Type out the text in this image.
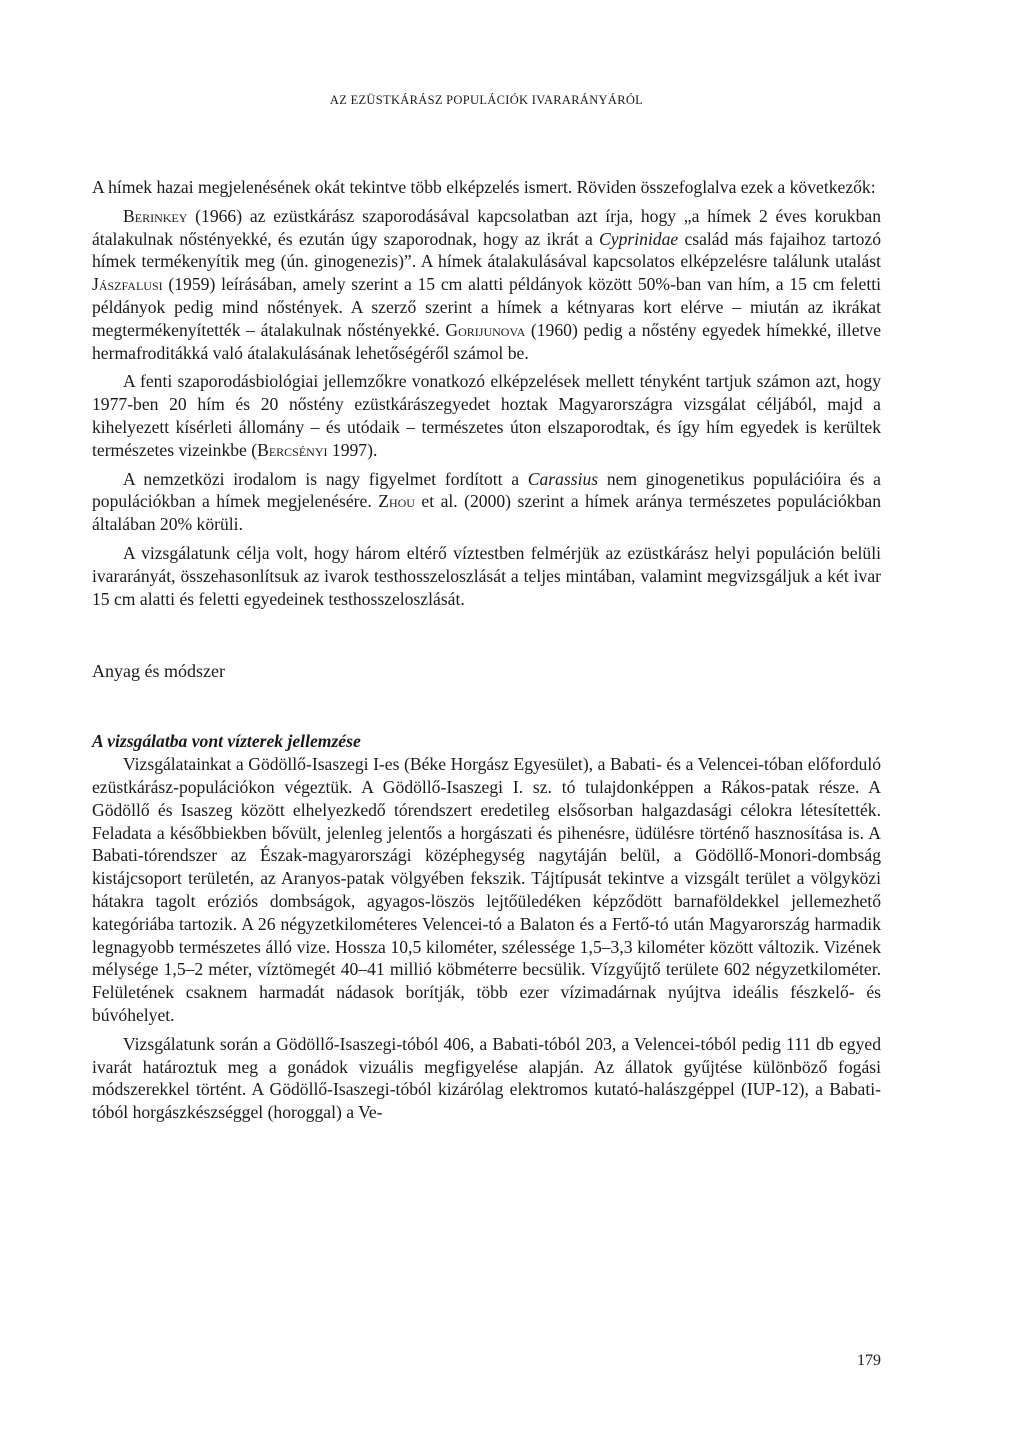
AZ EZÜSTKÁRÁSZ POPULÁCIÓK IVARARÁNYÁRÓL

A hímek hazai megjelenésének okát tekintve több elképzelés ismert. Röviden összefoglalva ezek a következők:

Berinkey (1966) az ezüstkárász szaporodásával kapcsolatban azt írja, hogy „a hímek 2 éves korukban átalakulnak nőstényekké, és ezután úgy szaporodnak, hogy az ikrát a Cyprinidae család más fajaihoz tartozó hímek termékenyítik meg (ún. ginogenezis)”. A hímek átalakulásával kapcsolatos elképzelésre találunk utalást Jászfalusi (1959) leírásában, amely szerint a 15 cm alatti példányok között 50%-ban van hím, a 15 cm feletti példányok pedig mind nőstények. A szerző szerint a hímek a kétnyaras kort elérve – miután az ikrákat megtermékenyítették – átalakulnak nőstényekké. Gorijunova (1960) pedig a nőstény egyedek hímekké, illetve hermafroditákká való átalakulásának lehetőségéről számol be.

A fenti szaporodásbiológiai jellemzőkre vonatkozó elképzelések mellett tényként tartjuk számon azt, hogy 1977-ben 20 hím és 20 nőstény ezüstkárászegyedet hoztak Magyarországra vizsgálat céljából, majd a kihelyezett kísérleti állomány – és utódaik – természetes úton elszaporodtak, és így hím egyedek is kerültek természetes vizeinkbe (Bercsényi 1997).

A nemzetközi irodalom is nagy figyelmet fordított a Carassius nem ginogenetikus populációira és a populációkban a hímek megjelenésére. Zhou et al. (2000) szerint a hímek aránya természetes populációkban általában 20% körüli.

A vizsgálatunk célja volt, hogy három eltérő víztestben felmérjük az ezüstkárász helyi populáción belüli ivararányát, összehasonlítsuk az ivarok testhosszeloszlását a teljes mintában, valamint megvizsgáljuk a két ivar 15 cm alatti és feletti egyedeinek testhosszeloszlását.

Anyag és módszer
A vizsgálatba vont vízterek jellemzése

Vizsgálatainkat a Gödöllő-Isaszegi I-es (Béke Horgász Egyesület), a Babati- és a Velencei-tóban előforduló ezüstkárász-populációkon végeztük. A Gödöllő-Isaszegi I. sz. tó tulajdonképpen a Rákos-patak része. A Gödöllő és Isaszeg között elhelyezkedő tórendszert eredetileg elsősorban halgazdasági célokra létesítették. Feladata a későbbiekben bővült, jelenleg jelentős a horgászati és pihenésre, üdülésre történő hasznosítása is. A Babati-tórendszer az Észak-magyarországi középhegység nagytáján belül, a Gödöllő-Monori-dombság kistájcsoport területén, az Aranyos-patak völgyében fekszik. Tájtípusát tekintve a vizsgált terület a völgyközi hátakra tagolt eróziós dombságok, agyagos-löszös lejtőüledéken képződött barnaföldekkel jellemezhető kategóriába tartozik. A 26 négyzetkilométeres Velencei-tó a Balaton és a Fertő-tó után Magyarország harmadik legnagyobb természetes álló vize. Hossza 10,5 kilométer, szélessége 1,5–3,3 kilométer között változik. Vizének mélysége 1,5–2 méter, víztömegét 40–41 millió köbméterre becsülik. Vízgyűjtő területe 602 négyzetkilométer. Felületének csaknem harmadát nádasok borítják, több ezer vízimadárnak nyújtva ideális fészkelő- és búvóhelyet.

Vizsgálatunk során a Gödöllő-Isaszegi-tóból 406, a Babati-tóból 203, a Velencei-tóból pedig 111 db egyed ivarát határoztuk meg a gonádok vizuális megfigyelése alapján. Az állatok gyűjtése különböző fogási módszerekkel történt. A Gödöllő-Isaszegi-tóból kizárólag elektromos kutató-halászgéppel (IUP-12), a Babati-tóból horgászkészséggel (horoggal) a Ve-

179
